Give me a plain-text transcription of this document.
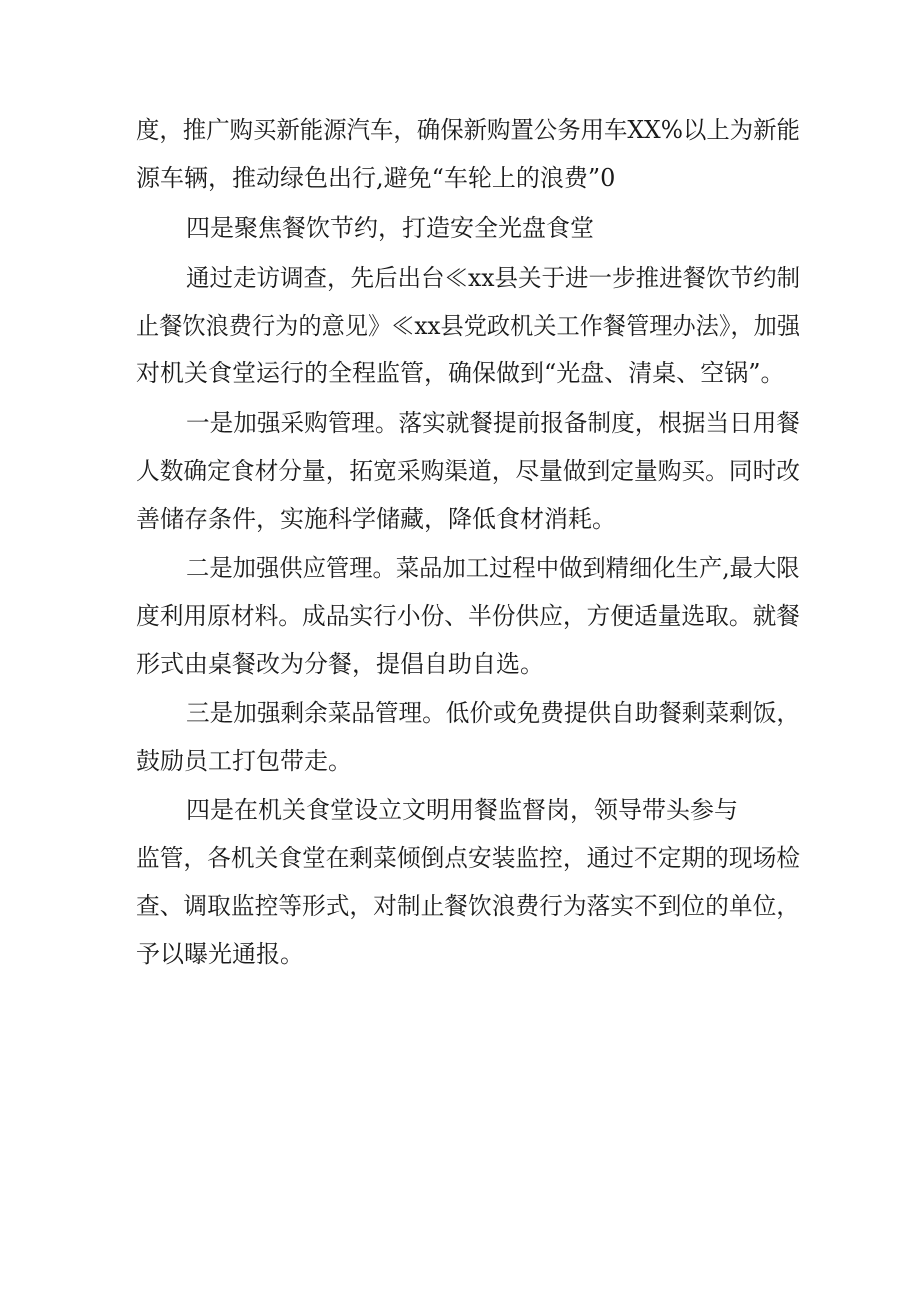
度，推广购买新能源汽车，确保新购置公务用车XX%以上为新能
源车辆，推动绿色出行,避免“车轮上的浪费”0
四是聚焦餐饮节约，打造安全光盘食堂
通过走访调查，先后出台≪xx县关于进一步推进餐饮节约制
止餐饮浪费行为的意见》≪xx县党政机关工作餐管理办法》，加强
对机关食堂运行的全程监管，确保做到“光盘、清桌、空锅”。
一是加强采购管理。落实就餐提前报备制度，根据当日用餐
人数确定食材分量，拓宽采购渠道，尽量做到定量购买。同时改
善储存条件，实施科学储藏，降低食材消耗。
二是加强供应管理。菜品加工过程中做到精细化生产,最大限
度利用原材料。成品实行小份、半份供应，方便适量选取。就餐
形式由桌餐改为分餐，提倡自助自选。
三是加强剩余菜品管理。低价或免费提供自助餐剩菜剩饭，
鼓励员工打包带走。
四是在机关食堂设立文明用餐监督岗，领导带头参与
监管，各机关食堂在剩菜倾倒点安装监控，通过不定期的现场检
查、调取监控等形式，对制止餐饮浪费行为落实不到位的单位，
予以曝光通报。
